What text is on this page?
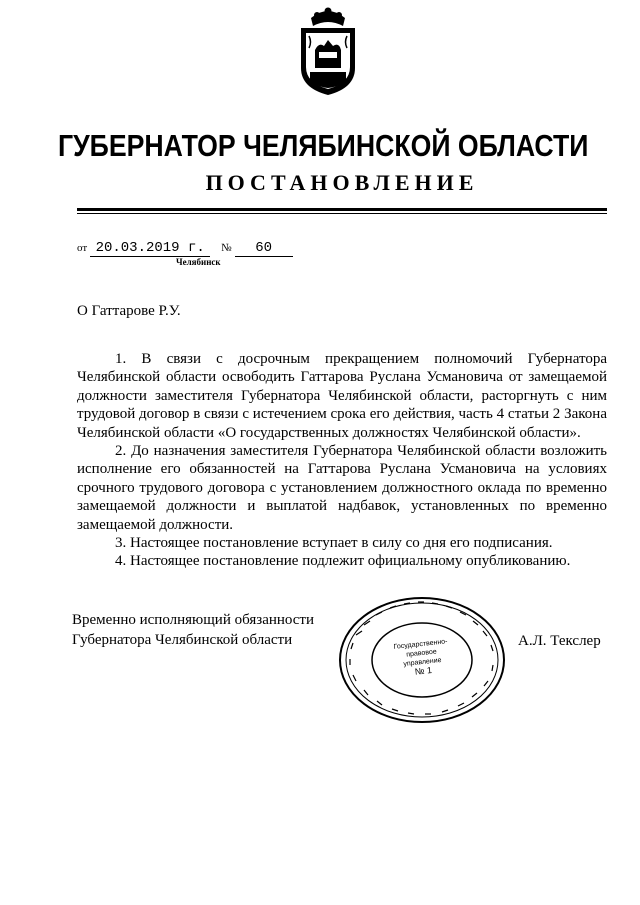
ГУБЕРНАТОР ЧЕЛЯБИНСКОЙ ОБЛАСТИ
ПОСТАНОВЛЕНИЕ
от 20.03.2019 г. № 60
Челябинск
О Гаттарове Р.У.

1. В связи с досрочным прекращением полномочий Губернатора Челябинской области освободить Гаттарова Руслана Усмановича от замещаемой должности заместителя Губернатора Челябинской области, расторгнуть с ним трудовой договор в связи с истечением срока его действия, часть 4 статьи 2 Закона Челябинской области «О государственных должностях Челябинской области».

2. До назначения заместителя Губернатора Челябинской области возложить исполнение его обязанностей на Гаттарова Руслана Усмановича на условиях срочного трудового договора с установлением должностного оклада по временно замещаемой должности и выплатой надбавок, установленных по временно замещаемой должности.

3. Настоящее постановление вступает в силу со дня его подписания.

4. Настоящее постановление подлежит официальному опубликованию.

Временно исполняющий обязанности
Губернатора Челябинской области	Государственно-
правовое
управление
№ 1
А.Л. Текслер
